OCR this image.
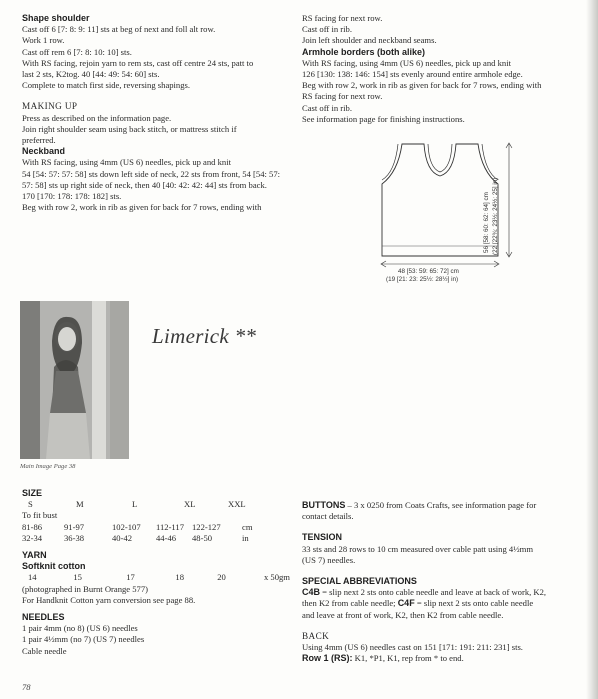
Shape shoulder

Cast off 6 [7: 8: 9: 11] sts at beg of next and foll alt row.

Work 1 row.

Cast off rem 6 [7: 8: 10: 10] sts.

With RS facing, rejoin yarn to rem sts, cast off centre 24 sts, patt to

last 2 sts, K2tog. 40 [44: 49: 54: 60] sts.

Complete to match first side, reversing shapings.

MAKING UP

Press as described on the information page.

Join right shoulder seam using back stitch, or mattress stitch if

preferred.

Neckband

With RS facing, using 4mm (US 6) needles, pick up and knit

54 [54: 57: 57: 58] sts down left side of neck, 22 sts from front, 54 [54: 57:

57: 58] sts up right side of neck, then 40 [40: 42: 42: 44] sts from back.

170 [170: 178: 178: 182] sts.

Beg with row 2, work in rib as given for back for 7 rows, ending with

RS facing for next row.

Cast off in rib.

Join left shoulder and neckband seams.

Armhole borders (both alike)

With RS facing, using 4mm (US 6) needles, pick up and knit

126 [130: 138: 146: 154] sts evenly around entire armhole edge.

Beg with row 2, work in rib as given for back for 7 rows, ending with

RS facing for next row.

Cast off in rib.

See information page for finishing instructions.

48 [53: 59: 65: 72] cm
(19 [21: 23: 25½: 28½] in)
56 [58: 60: 62: 64] cm (22 [22¾: 23½: 24½: 25] in)
Main Image Page 38
Limerick **

SIZE

S	M	L	XL	XXL	

To fit bust

81-86	91-97	102-107	112-117	122-127	cm
32-34	36-38	40-42	44-46	48-50	in

YARN

Softknit cotton

14	15	17	18	20	x 50gm

(photographed in Burnt Orange 577)

For Handknit Cotton yarn conversion see page 88.

NEEDLES

1 pair 4mm (no 8) (US 6) needles

1 pair 4½mm (no 7) (US 7) needles

Cable needle

BUTTONS – 3 x 0250 from Coats Crafts, see information page for

contact details.

TENSION

33 sts and 28 rows to 10 cm measured over cable patt using 4½mm

(US 7) needles.

SPECIAL ABBREVIATIONS

C4B = slip next 2 sts onto cable needle and leave at back of work, K2,

then K2 from cable needle; C4F = slip next 2 sts onto cable needle

and leave at front of work, K2, then K2 from cable needle.

BACK

Using 4mm (US 6) needles cast on 151 [171: 191: 211: 231] sts.

Row 1 (RS): K1, *P1, K1, rep from * to end.

78
